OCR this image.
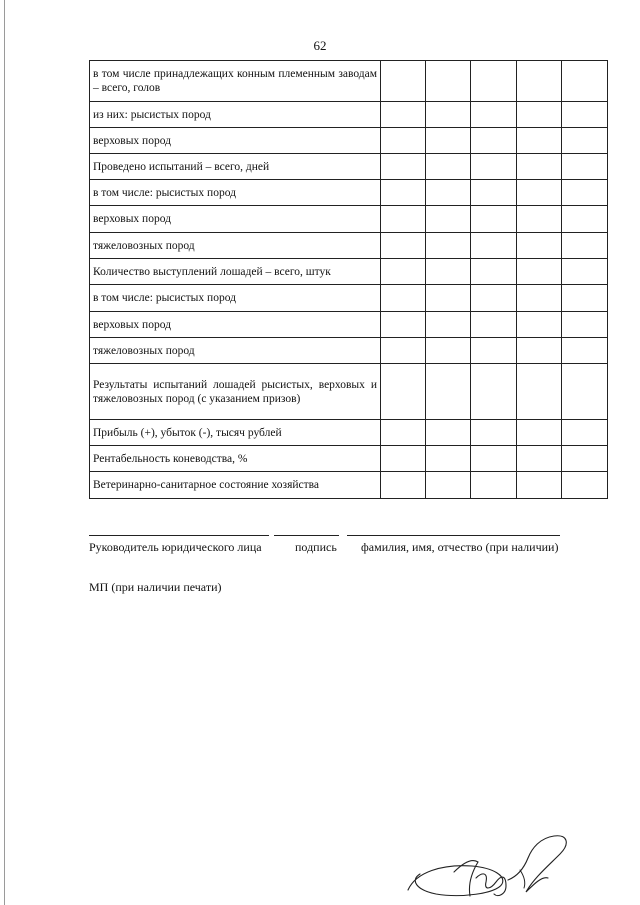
62
в том числе принадлежащих конным племенным заводам – всего, голов					
из них: рысистых пород					
верховых пород					
Проведено испытаний – всего, дней					
в том числе: рысистых пород					
верховых пород					
тяжеловозных пород					
Количество выступлений лошадей – всего, штук					
в том числе: рысистых пород					
верховых пород					
тяжеловозных пород					
Результаты испытаний лошадей рысистых, верховых и тяжеловозных пород (с указанием призов)					
Прибыль (+), убыток (-), тысяч рублей					
Рентабельность коневодства, %					
Ветеринарно-санитарное состояние хозяйства					
Руководитель юридического лица	подпись фамилия, имя, отчество (при наличии)
МП (при наличии печати)
